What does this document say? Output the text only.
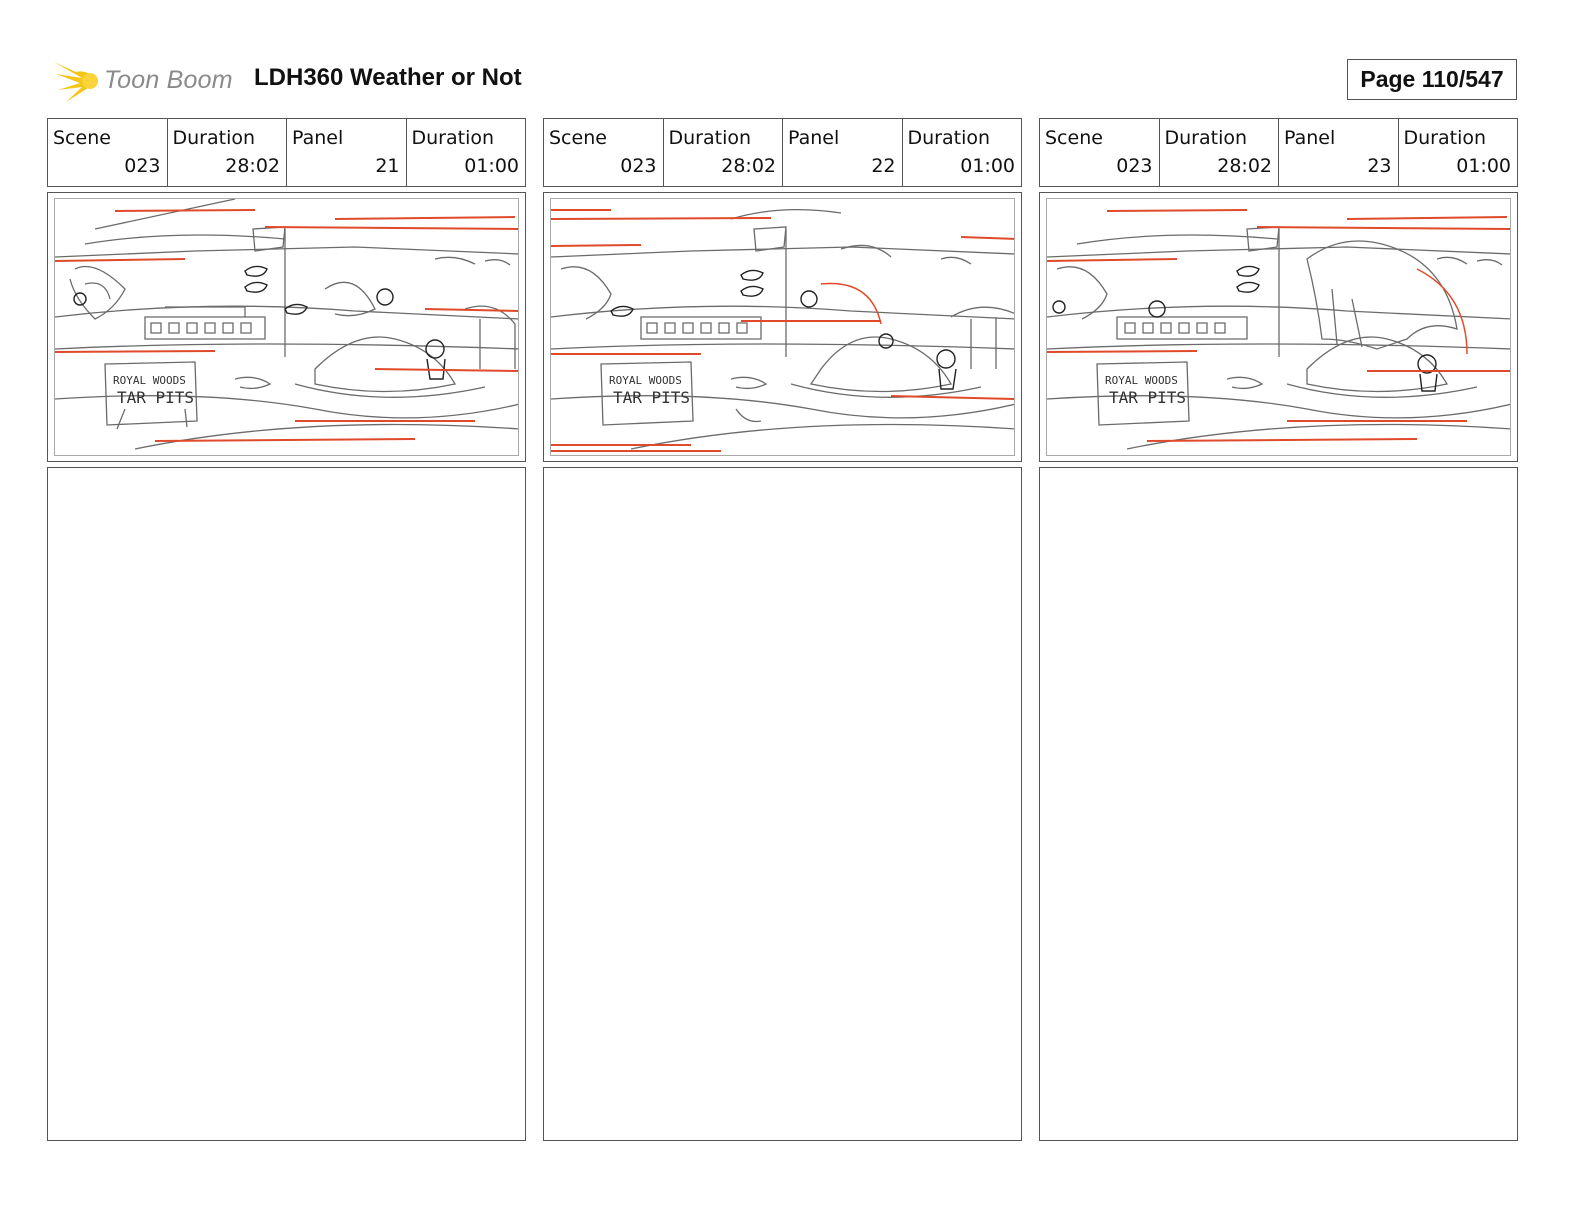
Toon Boom LDH360 Weather or Not	Page 110/547
Scene
023
Duration
28:02
Panel
21
Duration
01:00
ROYAL WOODS
TAR PITS
Scene
023
Duration
28:02
Panel
22
Duration
01:00
ROYAL WOODS
TAR PITS
Scene
023
Duration
28:02
Panel
23
Duration
01:00
ROYAL WOODS
TAR PITS
